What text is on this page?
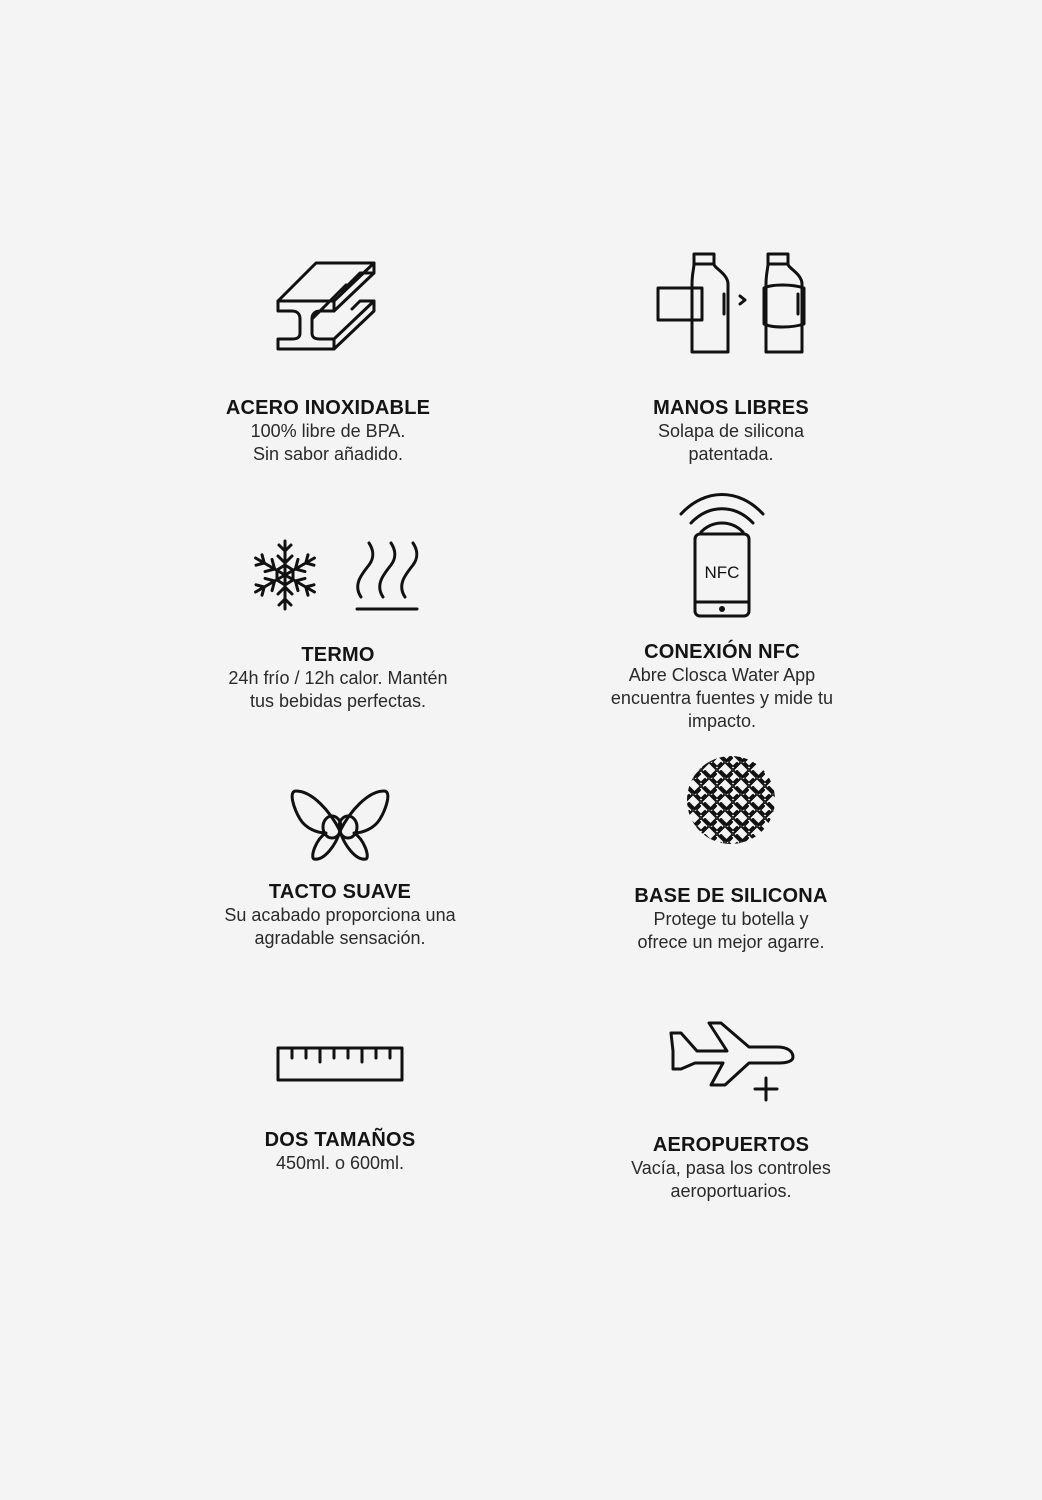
ACERO INOXIDABLE
100% libre de BPA.
Sin sabor añadido.
MANOS LIBRES
Solapa de silicona
patentada.
TERMO
24h frío / 12h calor. Mantén
tus bebidas perfectas.
NFC
CONEXIÓN NFC
Abre Closca Water App
encuentra fuentes y mide tu
impacto.
TACTO SUAVE
Su acabado proporciona una
agradable sensación.
BASE DE SILICONA
Protege tu botella y
ofrece un mejor agarre.
DOS TAMAÑOS
450ml. o 600ml.
AEROPUERTOS
Vacía, pasa los controles
aeroportuarios.
